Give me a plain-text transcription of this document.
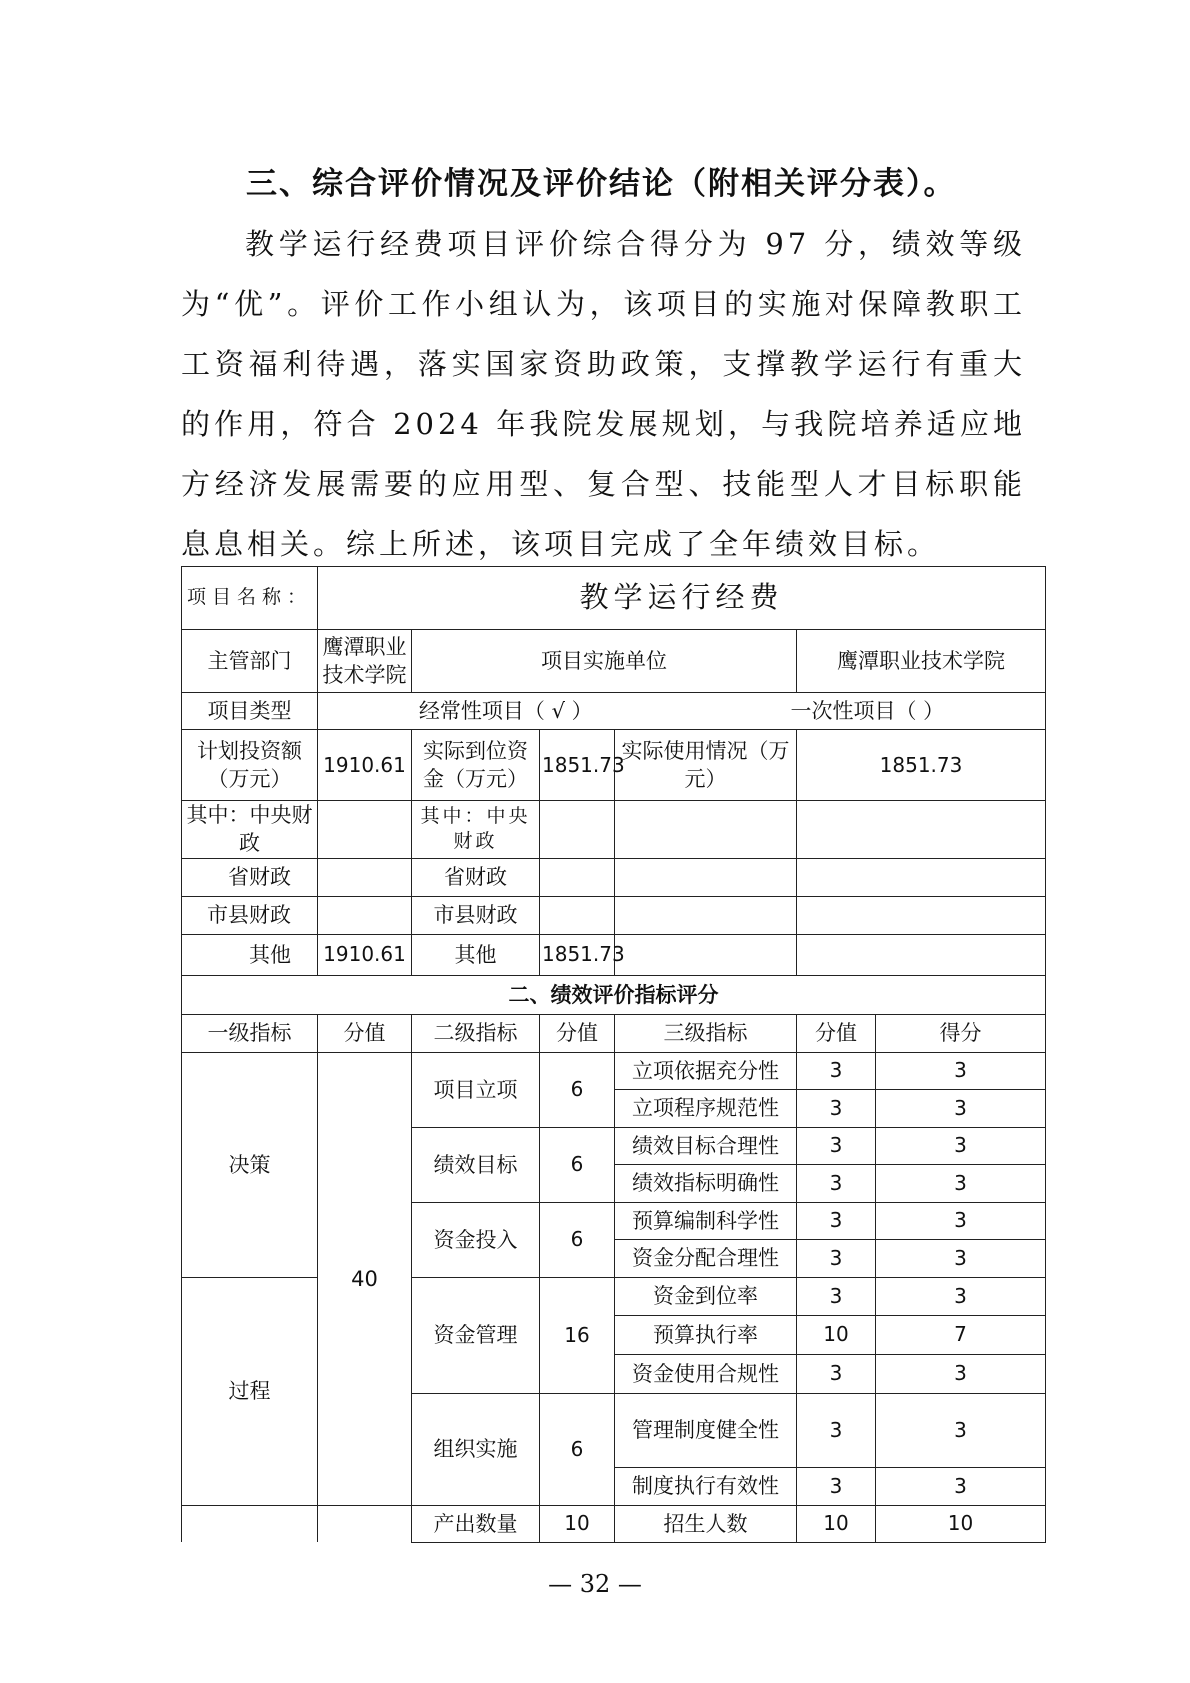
三、综合评价情况及评价结论（附相关评分表）。
教学运行经费项目评价综合得分为 97 分，绩效等级为“优”。评价工作小组认为，该项目的实施对保障教职工工资福利待遇，落实国家资助政策，支撑教学运行有重大的作用，符合 2024 年我院发展规划，与我院培养适应地方经济发展需要的应用型、复合型、技能型人才目标职能息息相关。综上所述，该项目完成了全年绩效目标。
项目名称：	教学运行经费					
主管部门	鹰潭职业技术学院	项目实施单位			鹰潭职业技术学院	
项目类型	经常性项目（ √ ） 一次性项目（ ）					

计划投资额（万元）	1910.61	实际到位资金（万元）	1851.73	实际使用情况（万元）	1851.73	
其中：中央财政		其中：中央财政				
省财政		省财政				
市县财政		市县财政				
其他	1910.61	其他	1851.73			
二、绩效评价指标评分						
一级指标	分值	二级指标	分值	三级指标	分值	得分
决策	40	项目立项	6	立项依据充分性	3	3
				立项程序规范性	3	3
		绩效目标	6	绩效目标合理性	3	3
				绩效指标明确性	3	3
		资金投入	6	预算编制科学性	3	3
				资金分配合理性	3	3
过程		资金管理	16	资金到位率	3	3
				预算执行率	10	7
				资金使用合规性	3	3
		组织实施	6	管理制度健全性	3	3
				制度执行有效性	3	3
		产出数量	10	招生人数	10	10
— 32 —
